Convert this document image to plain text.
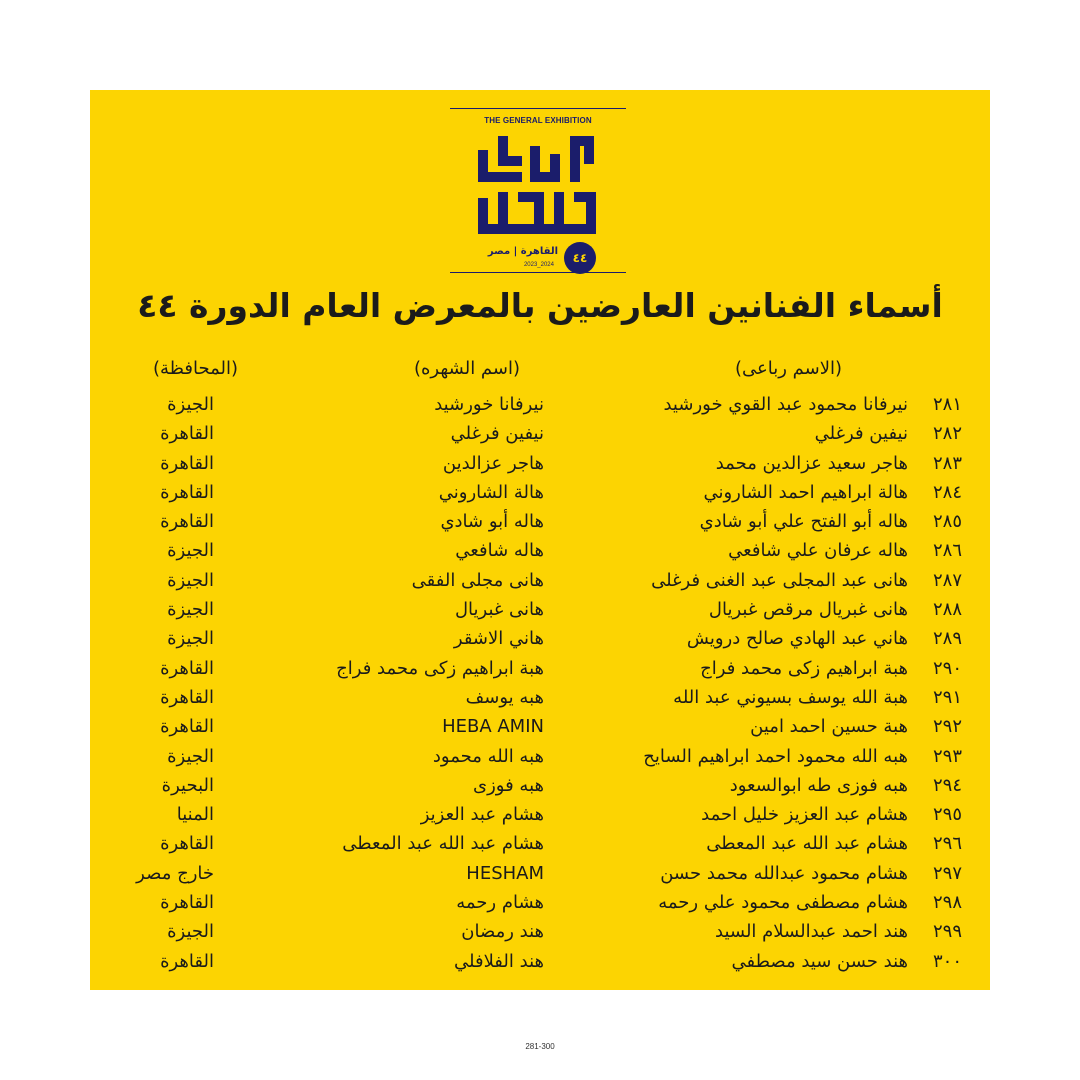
THE GENERAL EXHIBITION
القاهرة | مصر
2023_2024	٤٤
أسماء الفنانين العارضين بالمعرض العام الدورة ٤٤
(الاسم رباعى)
(اسم الشهره)
(المحافظة)
٢٨١
نيرفانا محمود عبد القوي خورشيد
نيرفانا خورشيد
الجيزة
٢٨٢
نيفين فرغلي
نيفين فرغلي
القاهرة
٢٨٣
هاجر سعيد عزالدين محمد
هاجر عزالدين
القاهرة
٢٨٤
هالة ابراهيم احمد الشاروني
هالة الشاروني
القاهرة
٢٨٥
هاله أبو الفتح علي أبو شادي
هاله أبو شادي
القاهرة
٢٨٦
هاله عرفان علي شافعي
هاله شافعي
الجيزة
٢٨٧
هانى عبد المجلى عبد الغنى فرغلى
هانى مجلى الفقى
الجيزة
٢٨٨
هانى غبريال مرقص غبريال
هانى غبريال
الجيزة
٢٨٩
هاني عبد الهادي صالح درويش
هاني الاشقر
الجيزة
٢٩٠
هبة ابراهيم زكى محمد فراج
هبة ابراهيم زكى محمد فراج
القاهرة
٢٩١
هبة الله يوسف بسيوني عبد الله
هبه يوسف
القاهرة
٢٩٢
هبة حسين احمد امين
HEBA AMIN
القاهرة
٢٩٣
هبه الله محمود احمد ابراهيم السايح
هبه الله محمود
الجيزة
٢٩٤
هبه فوزى طه ابوالسعود
هبه فوزى
البحيرة
٢٩٥
هشام عبد العزيز خليل احمد
هشام عبد العزيز
المنيا
٢٩٦
هشام عبد الله عبد المعطى
هشام عبد الله عبد المعطى
القاهرة
٢٩٧
هشام محمود عبدالله محمد حسن
HESHAM
خارج مصر
٢٩٨
هشام مصطفى محمود علي رحمه
هشام رحمه
القاهرة
٢٩٩
هند احمد عبدالسلام السيد
هند رمضان
الجيزة
٣٠٠
هند حسن سيد مصطفي
هند الفلافلي
القاهرة
281-300
